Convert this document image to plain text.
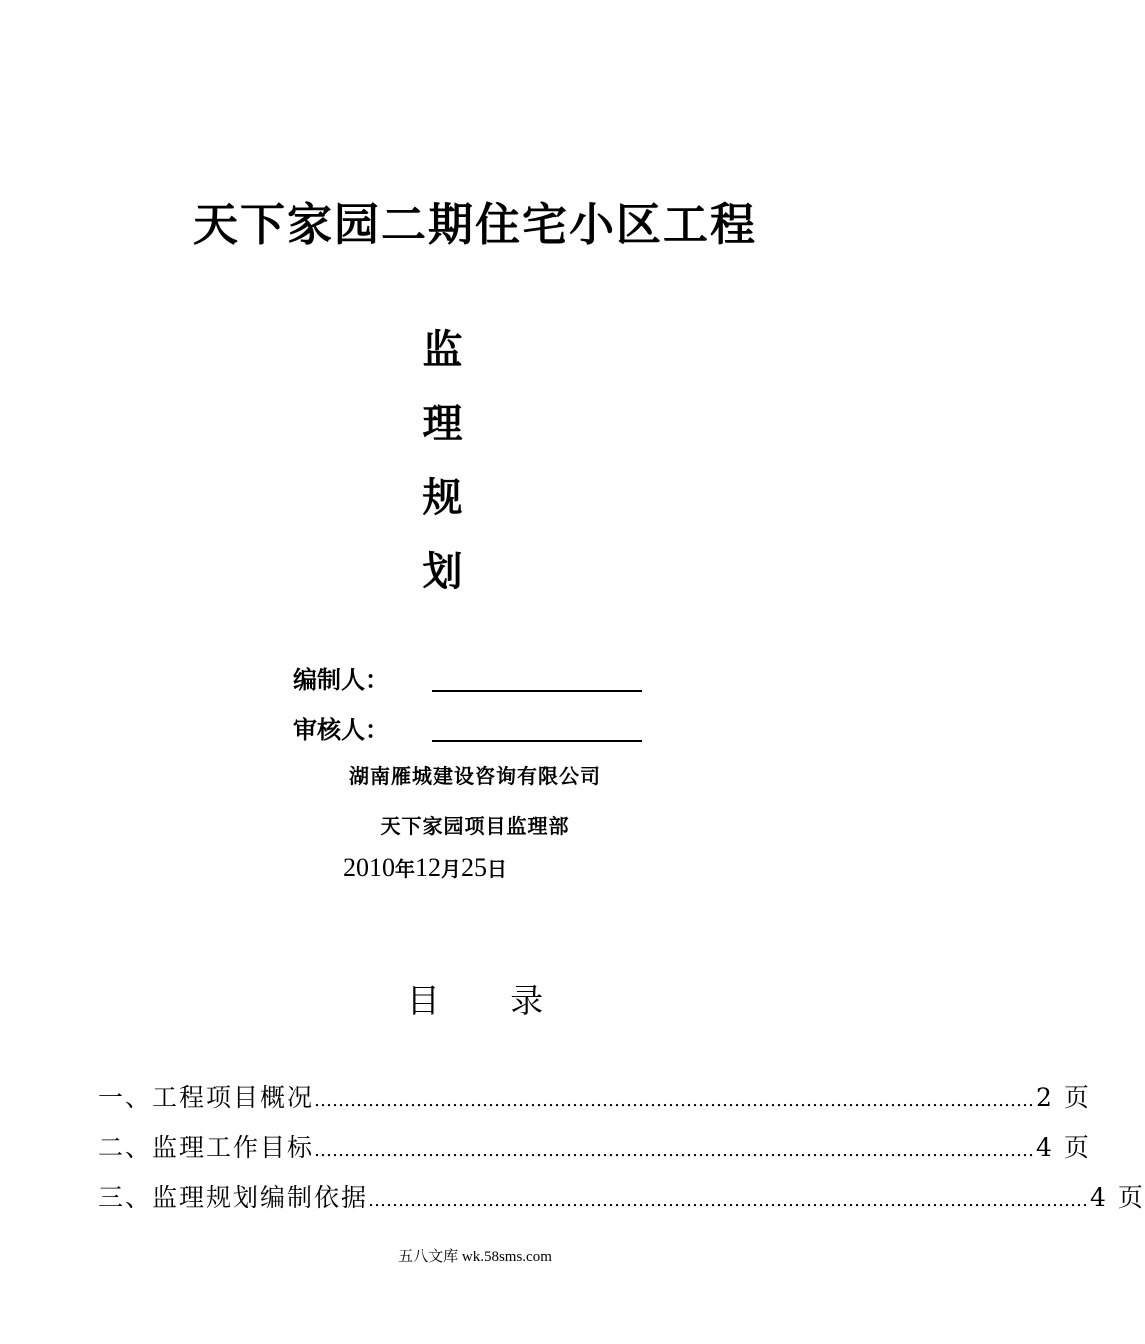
天下家园二期住宅小区工程
监
理
规
划
编制人：
审核人：
湖南雁城建设咨询有限公司
天下家园项目监理部
2010年12月25日
目 录
一、工程项目概况 ………………………………………………………………………………………………………… 2 页
二、监理工作目标 ………………………………………………………………………………………………………… 4 页
三、监理规划编制依据 ………………………………………………………………………………………………………… 4 页
五八文库 wk.58sms.com
